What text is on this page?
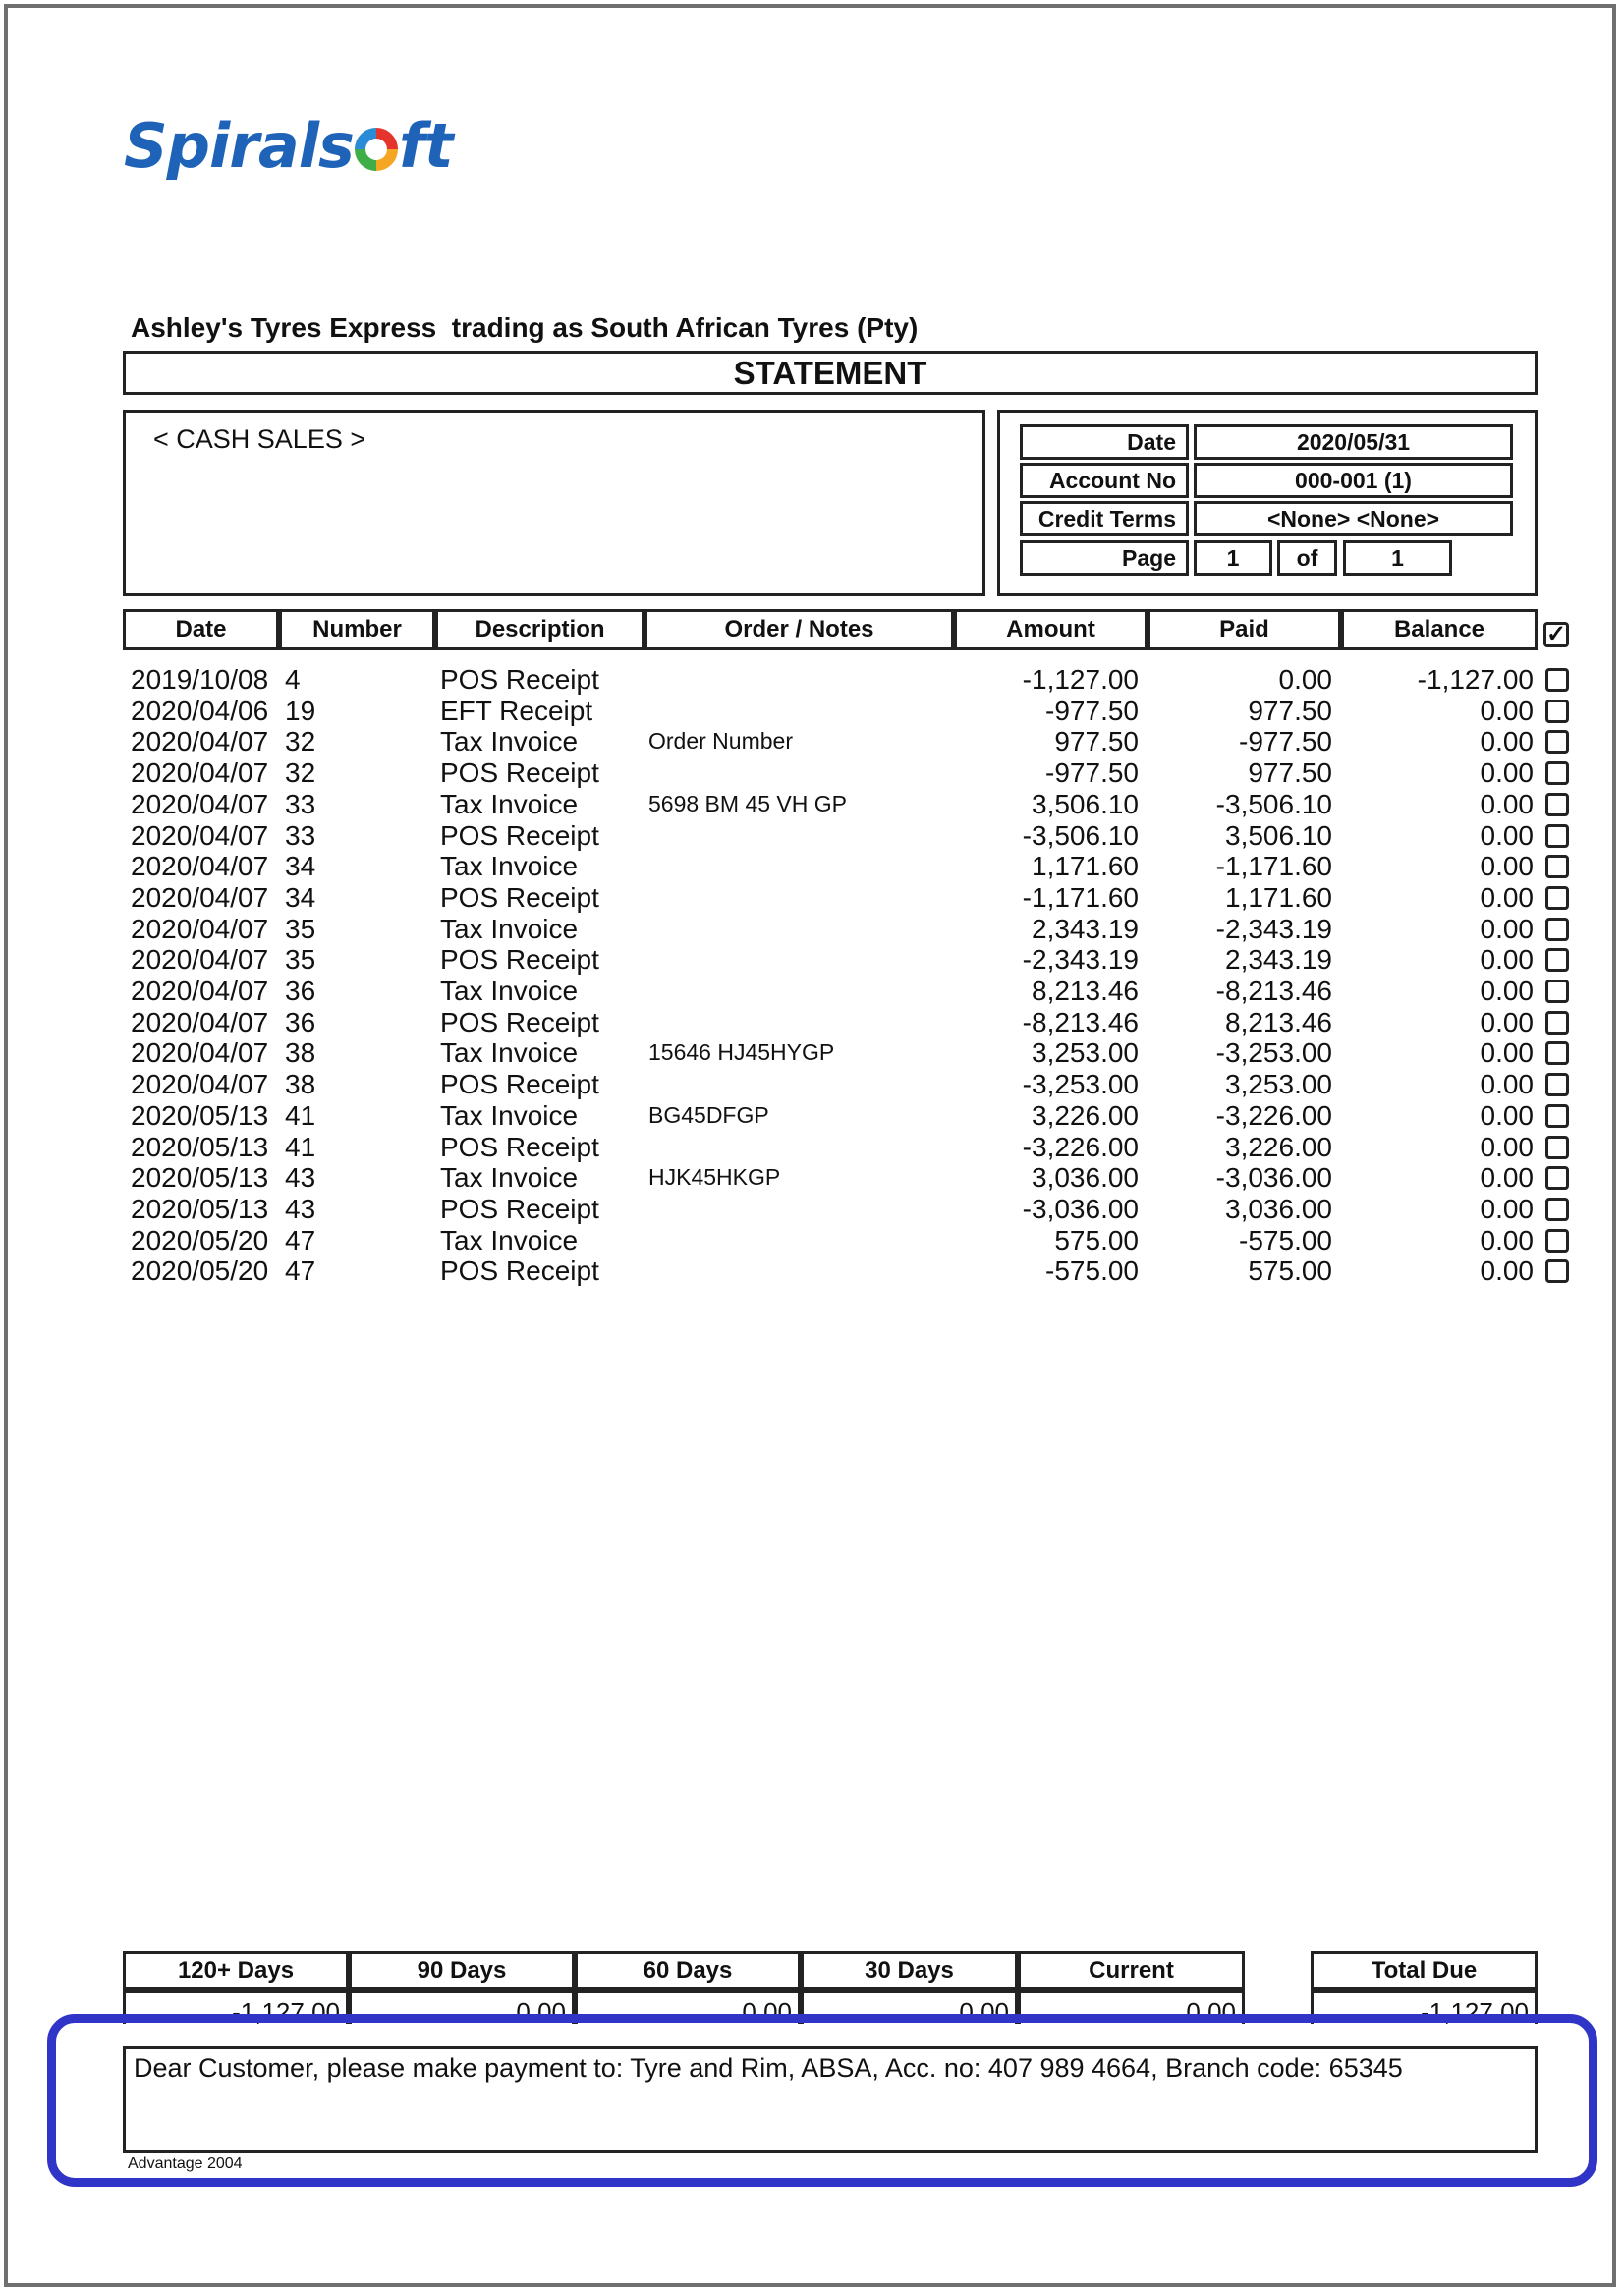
Spirals ft
Ashley's Tyres Express  trading as South African Tyres (Pty)
STATEMENT
< CASH SALES >	Date	2020/05/31
Account No	000-001 (1)
Credit Terms	<None> <None>
Page	1	of	1
Date	Number	Description	Order / Notes	Amount	Paid	Balance	✓
2019/10/08 4	POS Receipt	-1,127.00	0.00	-1,127.00
2020/04/06 19	EFT Receipt	-977.50	977.50	0.00
2020/04/07 32	Tax Invoice	Order Number	977.50	-977.50	0.00
2020/04/07 32	POS Receipt	-977.50	977.50	0.00
2020/04/07 33	Tax Invoice	5698 BM 45 VH GP	3,506.10	-3,506.10	0.00
2020/04/07 33	POS Receipt	-3,506.10	3,506.10	0.00
2020/04/07 34	Tax Invoice	1,171.60	-1,171.60	0.00
2020/04/07 34	POS Receipt	-1,171.60	1,171.60	0.00
2020/04/07 35	Tax Invoice	2,343.19	-2,343.19	0.00
2020/04/07 35	POS Receipt	-2,343.19	2,343.19	0.00
2020/04/07 36	Tax Invoice	8,213.46	-8,213.46	0.00
2020/04/07 36	POS Receipt	-8,213.46	8,213.46	0.00
2020/04/07 38	Tax Invoice	15646 HJ45HYGP	3,253.00	-3,253.00	0.00
2020/04/07 38	POS Receipt	-3,253.00	3,253.00	0.00
2020/05/13 41	Tax Invoice	BG45DFGP	3,226.00	-3,226.00	0.00
2020/05/13 41	POS Receipt	-3,226.00	3,226.00	0.00
2020/05/13 43	Tax Invoice	HJK45HKGP	3,036.00	-3,036.00	0.00
2020/05/13 43	POS Receipt	-3,036.00	3,036.00	0.00
2020/05/20 47	Tax Invoice	575.00	-575.00	0.00
2020/05/20 47	POS Receipt	-575.00	575.00	0.00
120+ Days	90 Days	60 Days	30 Days	Current	Total Due
-1,127.00	0.00	0.00	0.00	0.00	-1,127.00
Dear Customer, please make payment to: Tyre and Rim, ABSA, Acc. no: 407 989 4664, Branch code: 65345
Advantage 2004
